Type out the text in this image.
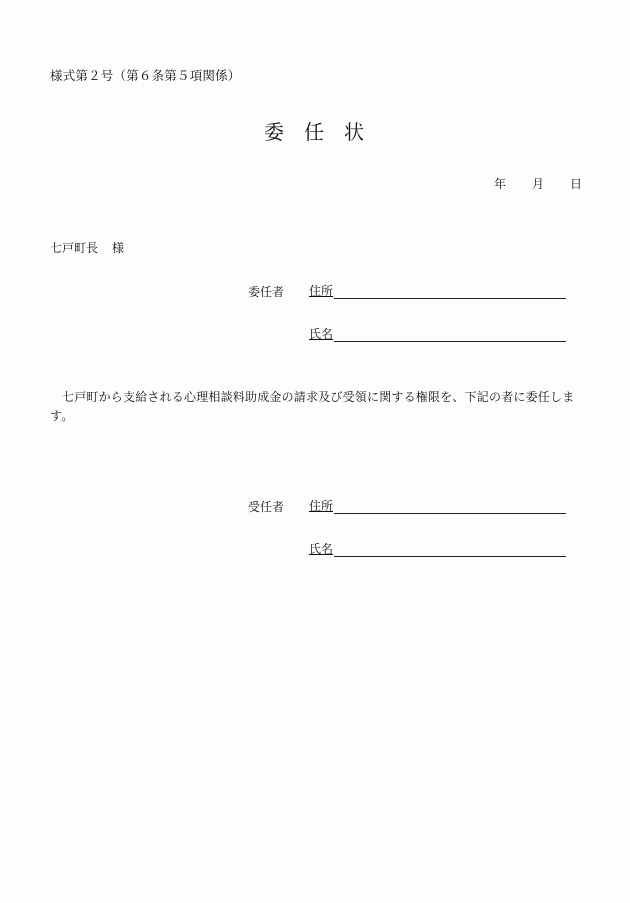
様式第２号（第６条第５項関係）
委 任 状
年 月 日
七戸町長 様
委任者 住所
氏名
七戸町から支給される心理相談料助成金の請求及び受領に関する権限を、下記の者に委任します。
受任者 住所
氏名
